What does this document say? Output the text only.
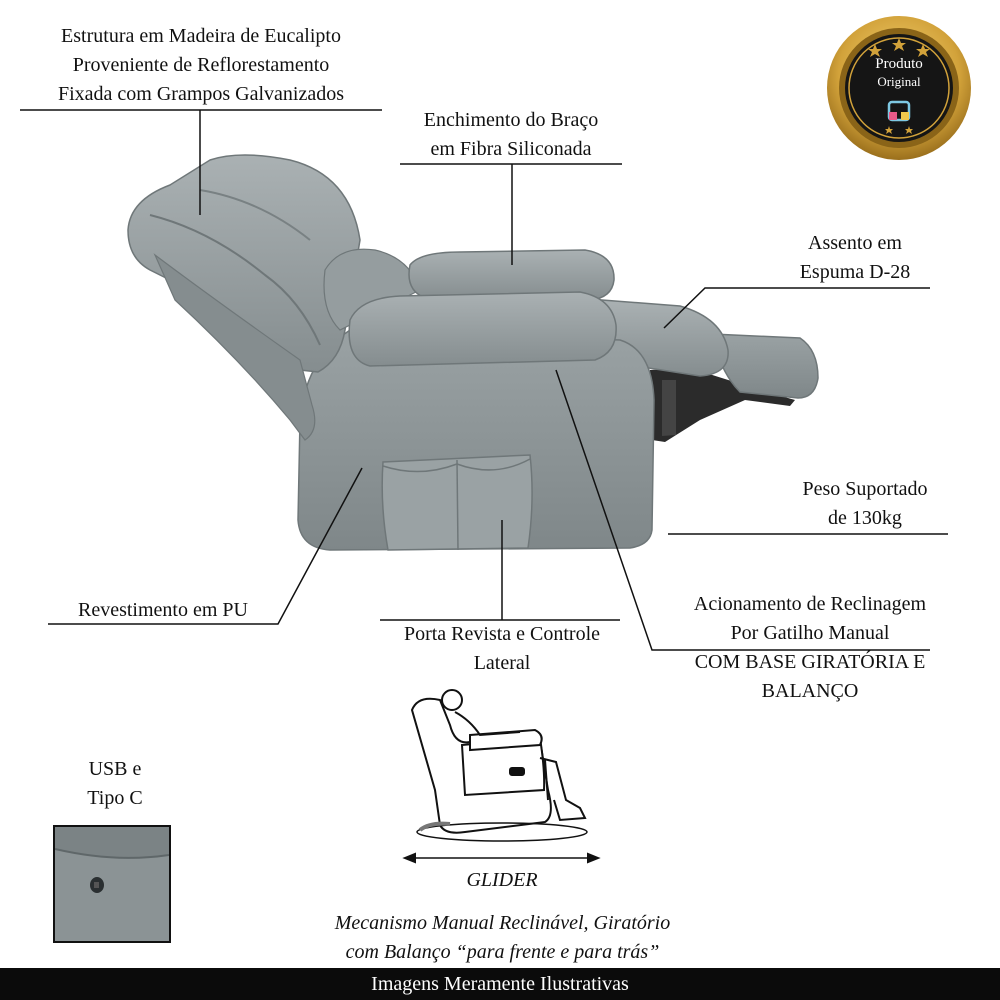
Produto
Original
Estrutura em Madeira de Eucalipto
Proveniente de Reflorestamento
Fixada com Grampos Galvanizados
Enchimento do Braço
em Fibra Siliconada
Assento em
Espuma D-28
Peso Suportado
de 130kg
Revestimento em PU
Porta Revista e Controle
Lateral
Acionamento de Reclinagem
Por Gatilho Manual
COM BASE GIRATÓRIA E
BALANÇO
USB e
Tipo C
GLIDER
Mecanismo Manual Reclinável, Giratório
com Balanço “para frente e para trás”
Imagens Meramente Ilustrativas
